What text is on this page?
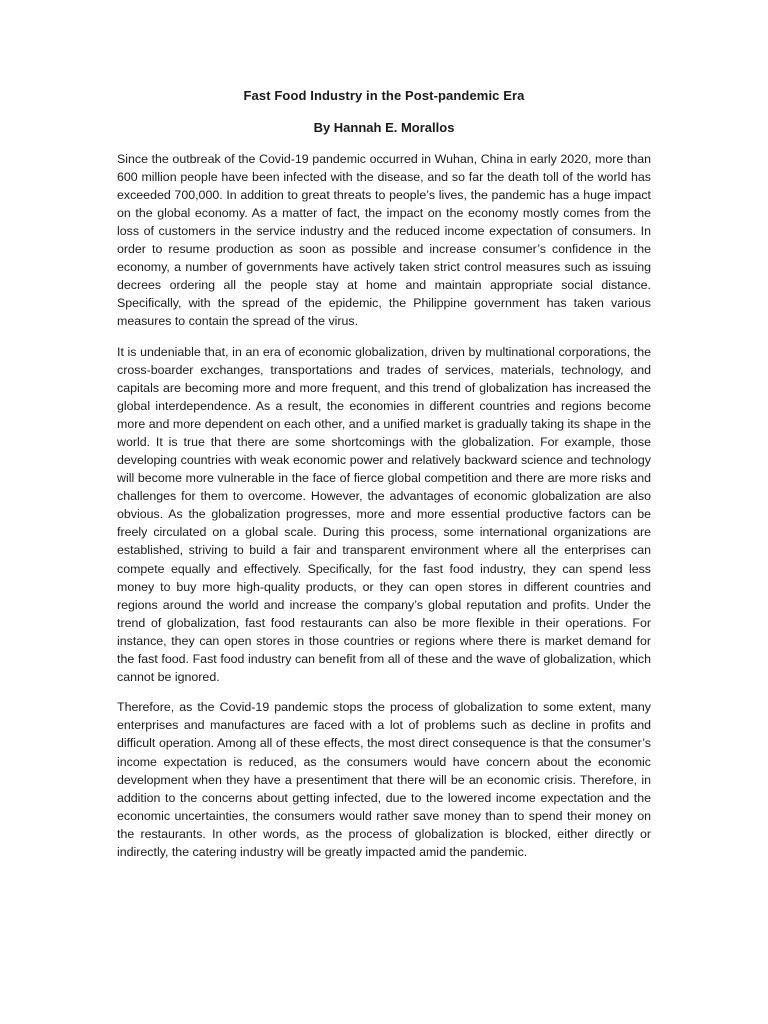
Fast Food Industry in the Post-pandemic Era
By Hannah E. Morallos

Since the outbreak of the Covid-19 pandemic occurred in Wuhan, China in early 2020, more than 600 million people have been infected with the disease, and so far the death toll of the world has exceeded 700,000. In addition to great threats to people’s lives, the pandemic has a huge impact on the global economy. As a matter of fact, the impact on the economy mostly comes from the loss of customers in the service industry and the reduced income expectation of consumers. In order to resume production as soon as possible and increase consumer’s confidence in the economy, a number of governments have actively taken strict control measures such as issuing decrees ordering all the people stay at home and maintain appropriate social distance. Specifically, with the spread of the epidemic, the Philippine government has taken various measures to contain the spread of the virus.

It is undeniable that, in an era of economic globalization, driven by multinational corporations, the cross-boarder exchanges, transportations and trades of services, materials, technology, and capitals are becoming more and more frequent, and this trend of globalization has increased the global interdependence. As a result, the economies in different countries and regions become more and more dependent on each other, and a unified market is gradually taking its shape in the world. It is true that there are some shortcomings with the globalization. For example, those developing countries with weak economic power and relatively backward science and technology will become more vulnerable in the face of fierce global competition and there are more risks and challenges for them to overcome. However, the advantages of economic globalization are also obvious. As the globalization progresses, more and more essential productive factors can be freely circulated on a global scale. During this process, some international organizations are established, striving to build a fair and transparent environment where all the enterprises can compete equally and effectively. Specifically, for the fast food industry, they can spend less money to buy more high-quality products, or they can open stores in different countries and regions around the world and increase the company’s global reputation and profits. Under the trend of globalization, fast food restaurants can also be more flexible in their operations. For instance, they can open stores in those countries or regions where there is market demand for the fast food. Fast food industry can benefit from all of these and the wave of globalization, which cannot be ignored.

Therefore, as the Covid-19 pandemic stops the process of globalization to some extent, many enterprises and manufactures are faced with a lot of problems such as decline in profits and difficult operation. Among all of these effects, the most direct consequence is that the consumer’s income expectation is reduced, as the consumers would have concern about the economic development when they have a presentiment that there will be an economic crisis. Therefore, in addition to the concerns about getting infected, due to the lowered income expectation and the economic uncertainties, the consumers would rather save money than to spend their money on the restaurants. In other words, as the process of globalization is blocked, either directly or indirectly, the catering industry will be greatly impacted amid the pandemic.
